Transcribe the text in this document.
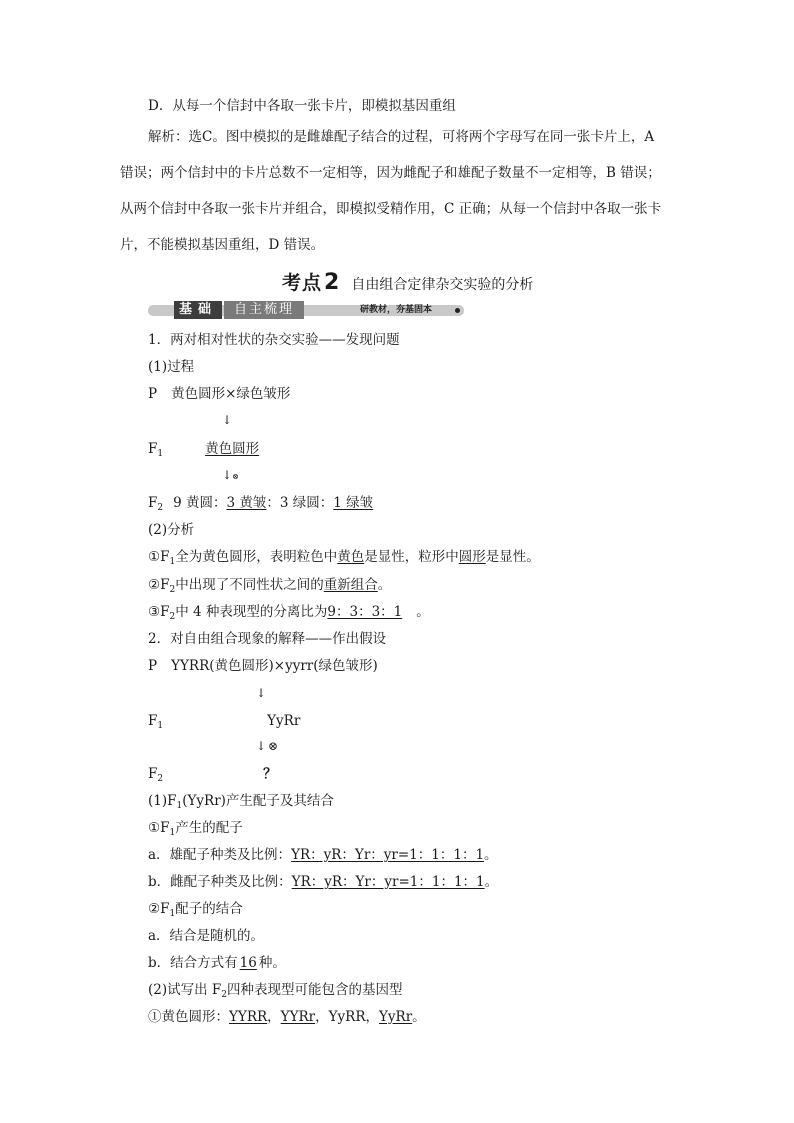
D．从每一个信封中各取一张卡片，即模拟基因重组
解析：选C。图中模拟的是雌雄配子结合的过程，可将两个字母写在同一张卡片上，A
错误；两个信封中的卡片总数不一定相等，因为雌配子和雄配子数量不一定相等，B 错误；
从两个信封中各取一张卡片并组合，即模拟受精作用，C 正确；从每一个信封中各取一张卡
片，不能模拟基因重组，D 错误。
考点2 自由组合定律杂交实验的分析
基础	自主梳理	研教材，夯基固本
1．两对相对性状的杂交实验——发现问题
(1)过程
P 黄色圆形×绿色皱形
↓
$F_1$	黄色圆形
↓⊗
$F_2$ 9 黄圆：3 黄皱：3 绿圆：1 绿皱
(2)分析
$①F_1$全为黄色圆形，表明粒色中黄色是显性，粒形中圆形是显性。
$②F_2$中出现了不同性状之间的重新组合。
$③F_2$中 4 种表现型的分离比为9：3：3：1 。
2．对自由组合现象的解释——作出假设
P YYRR(黄色圆形)×yyrr(绿色皱形)
↓
$F_1$	YyRr
↓ ⊗
$F_2$	？
$(1)F_1(YyRr)$产生配子及其结合
$①F_1$产生的配子
a．雄配子种类及比例：YR：yR：Yr：yr=1：1：1：1。
b．雌配子种类及比例：YR：yR：Yr：yr=1：1：1：1。
$②F_1$配子的结合
a．结合是随机的。
b．结合方式有 16 种。
(2)试写出 $F_2$四种表现型可能包含的基因型
①黄色圆形：YYRR，YYRr，YyRR，YyRr。
